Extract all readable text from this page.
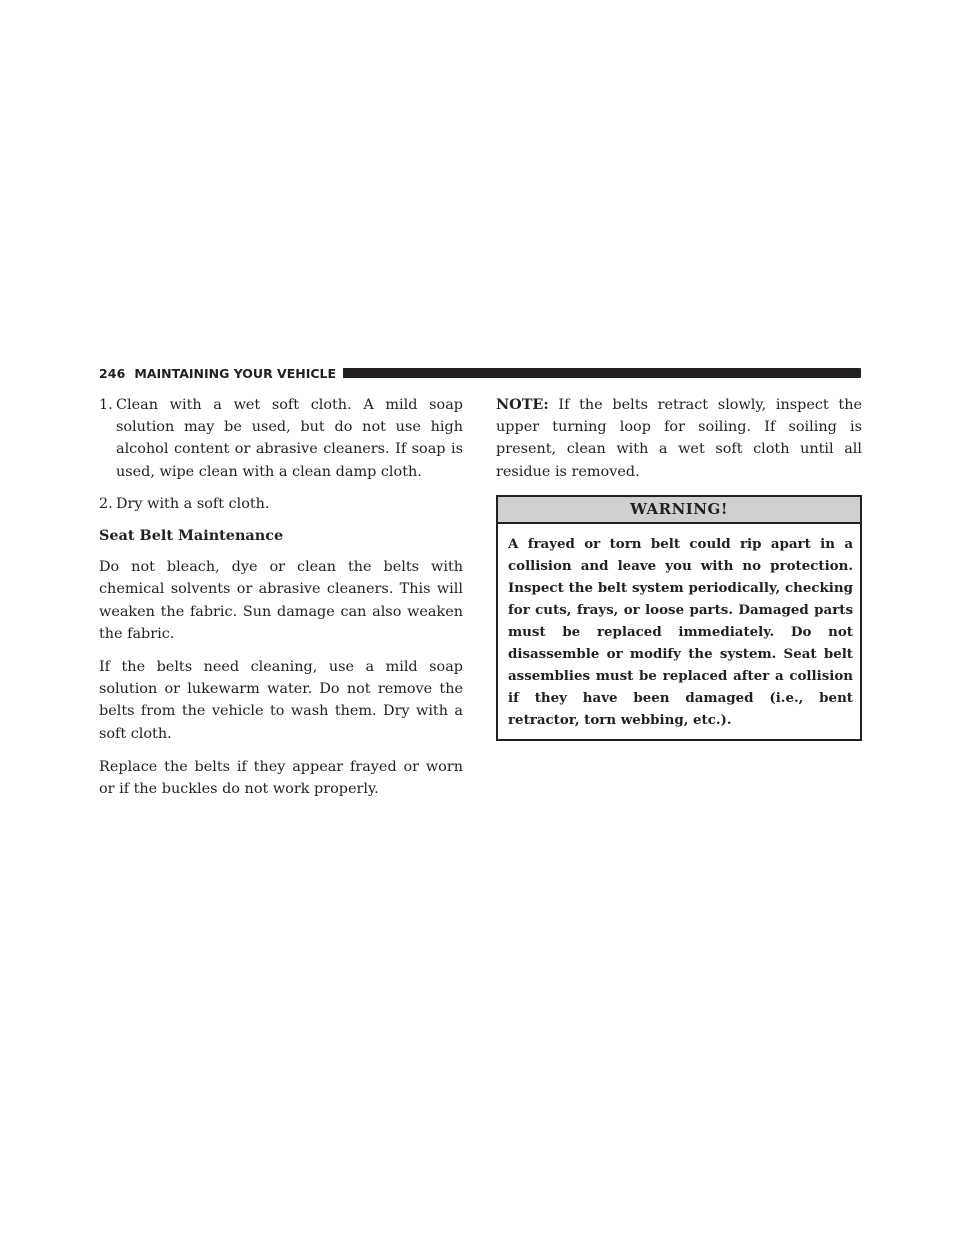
246 MAINTAINING YOUR VEHICLE
1. Clean with a wet soft cloth. A mild soap solution may be used, but do not use high alcohol content or abrasive cleaners. If soap is used, wipe clean with a clean damp cloth.
2. Dry with a soft cloth.
Seat Belt Maintenance

Do not bleach, dye or clean the belts with chemical solvents or abrasive cleaners. This will weaken the fabric. Sun damage can also weaken the fabric.

If the belts need cleaning, use a mild soap solution or lukewarm water. Do not remove the belts from the vehicle to wash them. Dry with a soft cloth.

Replace the belts if they appear frayed or worn or if the buckles do not work properly.

NOTE: If the belts retract slowly, inspect the upper turning loop for soiling. If soiling is present, clean with a wet soft cloth until all residue is removed.

WARNING!
A frayed or torn belt could rip apart in a collision and leave you with no protection. Inspect the belt system periodically, checking for cuts, frays, or loose parts. Damaged parts must be replaced immediately. Do not disassemble or modify the system. Seat belt assemblies must be replaced after a collision if they have been damaged (i.e., bent retractor, torn webbing, etc.).
